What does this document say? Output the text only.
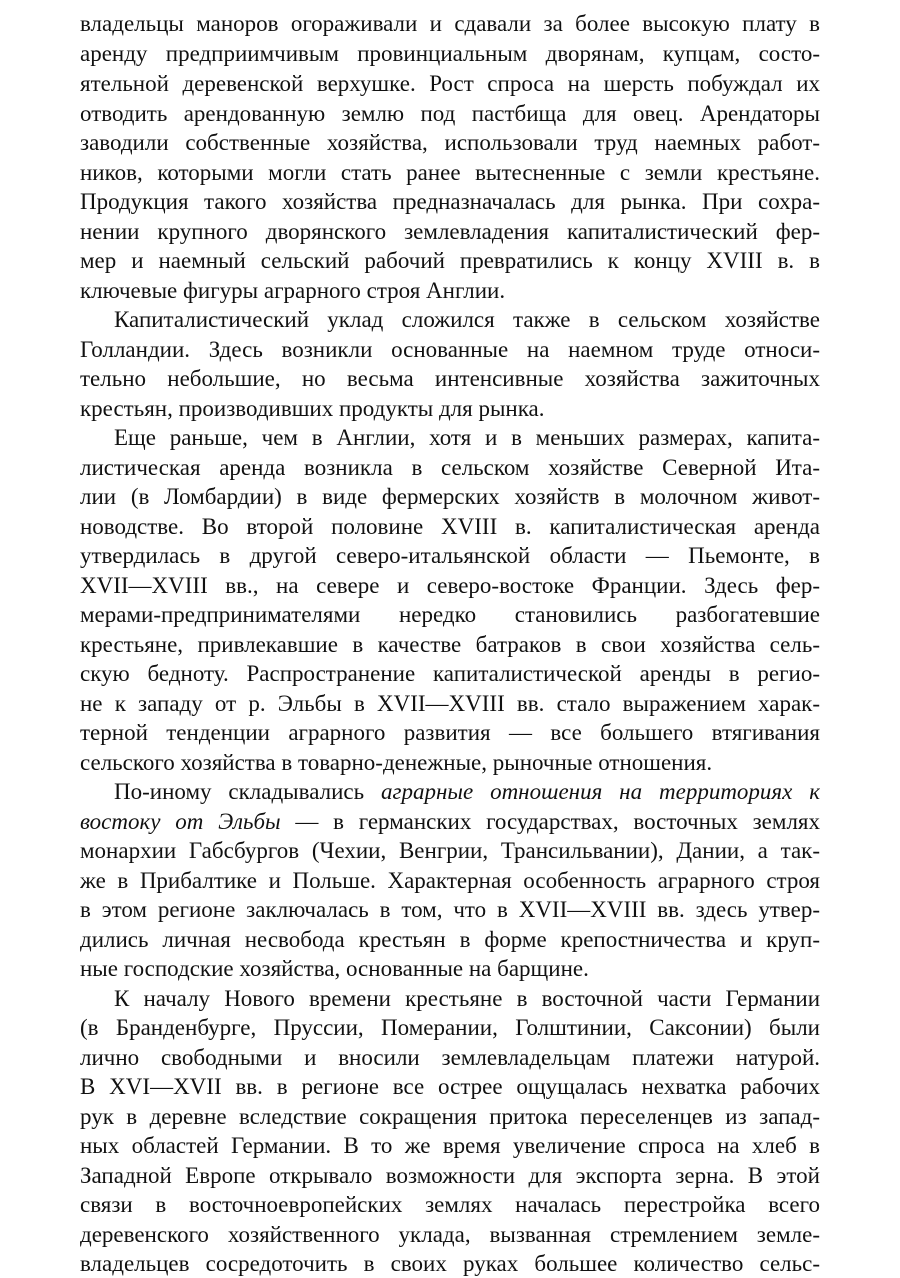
владельцы маноров огораживали и сдавали за более высокую плату в
аренду предприимчивым провинциальным дворянам, купцам, состо-
ятельной деревенской верхушке. Рост спроса на шерсть побуждал их
отводить арендованную землю под пастбища для овец. Арендаторы
заводили собственные хозяйства, использовали труд наемных работ-
ников, которыми могли стать ранее вытесненные с земли крестьяне.
Продукция такого хозяйства предназначалась для рынка. При сохра-
нении крупного дворянского землевладения капиталистический фер-
мер и наемный сельский рабочий превратились к концу XVIII в. в
ключевые фигуры аграрного строя Англии.
Капиталистический уклад сложился также в сельском хозяйстве
Голландии. Здесь возникли основанные на наемном труде относи-
тельно небольшие, но весьма интенсивные хозяйства зажиточных
крестьян, производивших продукты для рынка.
Еще раньше, чем в Англии, хотя и в меньших размерах, капита-
листическая аренда возникла в сельском хозяйстве Северной Ита-
лии (в Ломбардии) в виде фермерских хозяйств в молочном живот-
новодстве. Во второй половине XVIII в. капиталистическая аренда
утвердилась в другой северо-итальянской области — Пьемонте, в
XVII—XVIII вв., на севере и северо-востоке Франции. Здесь фер-
мерами-предпринимателями нередко становились разбогатевшие
крестьяне, привлекавшие в качестве батраков в свои хозяйства сель-
скую бедноту. Распространение капиталистической аренды в регио-
не к западу от р. Эльбы в XVII—XVIII вв. стало выражением харак-
терной тенденции аграрного развития — все большего втягивания
сельского хозяйства в товарно-денежные, рыночные отношения.
По-иному складывались аграрные отношения на территориях к
востоку от Эльбы — в германских государствах, восточных землях
монархии Габсбургов (Чехии, Венгрии, Трансильвании), Дании, а так-
же в Прибалтике и Польше. Характерная особенность аграрного строя
в этом регионе заключалась в том, что в XVII—XVIII вв. здесь утвер-
дились личная несвобода крестьян в форме крепостничества и круп-
ные господские хозяйства, основанные на барщине.
К началу Нового времени крестьяне в восточной части Германии
(в Бранденбурге, Пруссии, Померании, Голштинии, Саксонии) были
лично свободными и вносили землевладельцам платежи натурой.
В XVI—XVII вв. в регионе все острее ощущалась нехватка рабочих
рук в деревне вследствие сокращения притока переселенцев из запад-
ных областей Германии. В то же время увеличение спроса на хлеб в
Западной Европе открывало возможности для экспорта зерна. В этой
связи в восточноевропейских землях началась перестройка всего
деревенского хозяйственного уклада, вызванная стремлением земле-
владельцев сосредоточить в своих руках большее количество сельс-
